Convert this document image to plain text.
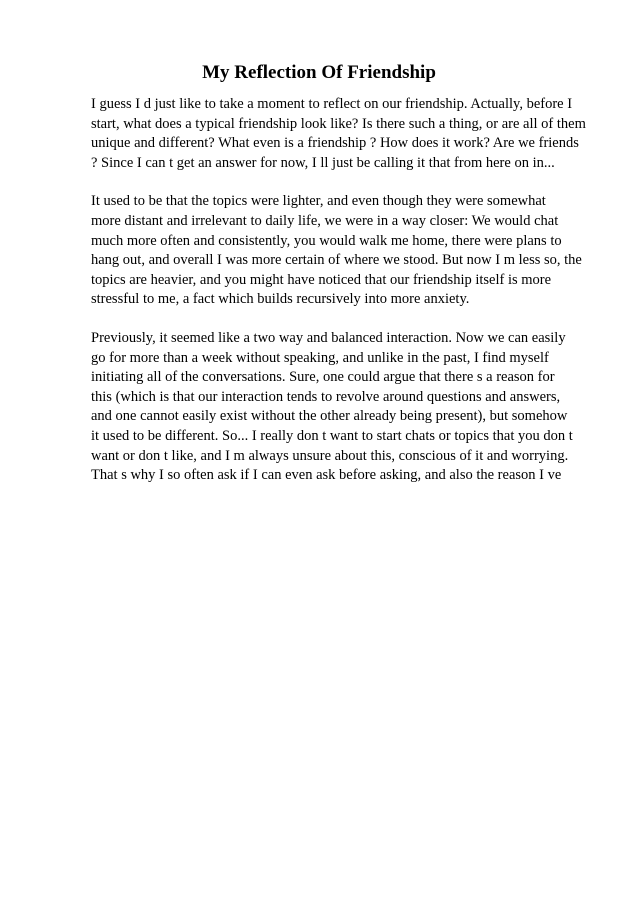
My Reflection Of Friendship

I guess I d just like to take a moment to reflect on our friendship. Actually, before I
start, what does a typical friendship look like? Is there such a thing, or are all of them
unique and different? What even is a friendship ? How does it work? Are we friends
? Since I can t get an answer for now, I ll just be calling it that from here on in...

It used to be that the topics were lighter, and even though they were somewhat
more distant and irrelevant to daily life, we were in a way closer: We would chat
much more often and consistently, you would walk me home, there were plans to
hang out, and overall I was more certain of where we stood. But now I m less so, the
topics are heavier, and you might have noticed that our friendship itself is more
stressful to me, a fact which builds recursively into more anxiety.

Previously, it seemed like a two way and balanced interaction. Now we can easily
go for more than a week without speaking, and unlike in the past, I find myself
initiating all of the conversations. Sure, one could argue that there s a reason for
this (which is that our interaction tends to revolve around questions and answers,
and one cannot easily exist without the other already being present), but somehow
it used to be different. So... I really don t want to start chats or topics that you don t
want or don t like, and I m always unsure about this, conscious of it and worrying.
That s why I so often ask if I can even ask before asking, and also the reason I ve
